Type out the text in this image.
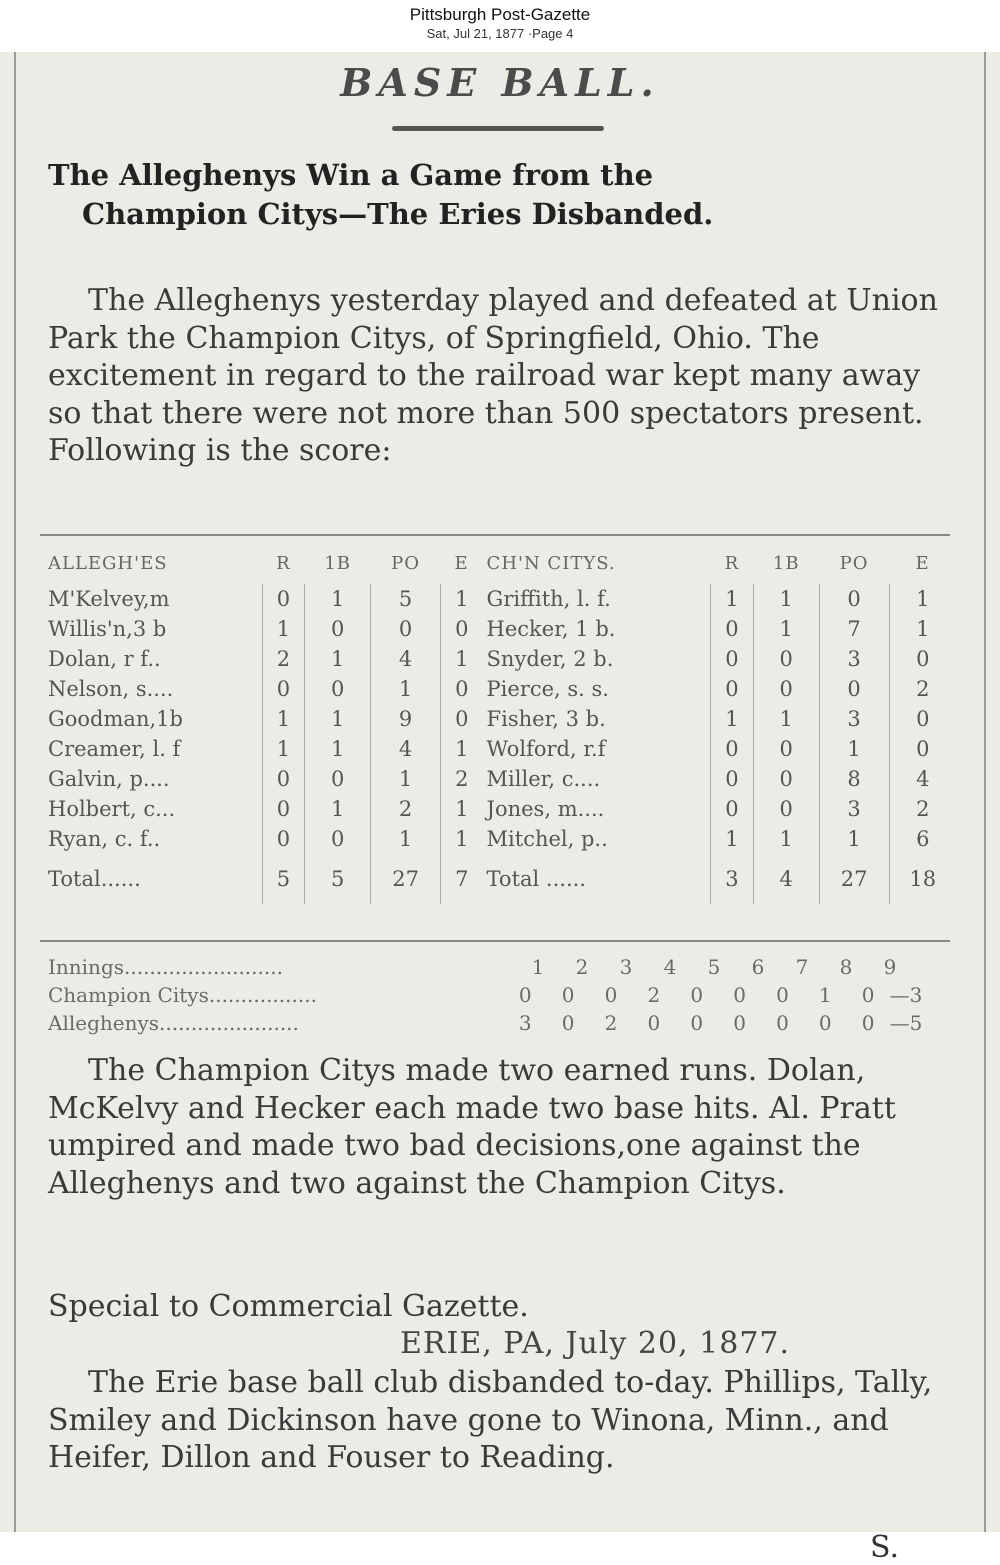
Pittsburgh Post-Gazette
Sat, Jul 21, 1877 ·Page 4
BASE BALL.
The Alleghenys Win a Game from the
Champion Citys—The Eries Disbanded.
The Alleghenys yesterday played and defeated at Union Park the Champion Citys, of Springfield, Ohio. The excitement in regard to the railroad war kept many away so that there were not more than 500 spectators present. Following is the score:
ALLEGH'ES	R	1B	PO	E	CH'N CITYS.	R	1B	PO	E
M'Kelvey,m	0	1	5	1	Griffith, l. f.	1	1	0	1
Willis'n,3 b	1	0	0	0	Hecker, 1 b.	0	1	7	1
Dolan, r f..	2	1	4	1	Snyder, 2 b.	0	0	3	0
Nelson, s....	0	0	1	0	Pierce, s. s.	0	0	0	2
Goodman,1b	1	1	9	0	Fisher, 3 b.	1	1	3	0
Creamer, l. f	1	1	4	1	Wolford, r.f	0	0	1	0
Galvin, p....	0	0	1	2	Miller, c....	0	0	8	4
Holbert, c...	0	1	2	1	Jones, m....	0	0	3	2
Ryan, c. f..	0	0	1	1	Mitchel, p..	1	1	1	6
Total......	5	5	27	7	Total ......	3	4	27	18
Innings.........................	1	2	3	4	5	6	7	8	9
Champion Citys.................	0	0	0	2	0	0	0	1	0 —3
Alleghenys......................	3	0	2	0	0	0	0	0	0 —5
The Champion Citys made two earned runs. Dolan, McKelvy and Hecker each made two base hits. Al. Pratt umpired and made two bad decisions,one against the Alleghenys and two against the Champion Citys.
Special to Commercial Gazette.
ERIE, PA, July 20, 1877.
The Erie base ball club disbanded to-day. Phillips, Tally, Smiley and Dickinson have gone to Winona, Minn., and Heifer, Dillon and Fouser to Reading.
S.
